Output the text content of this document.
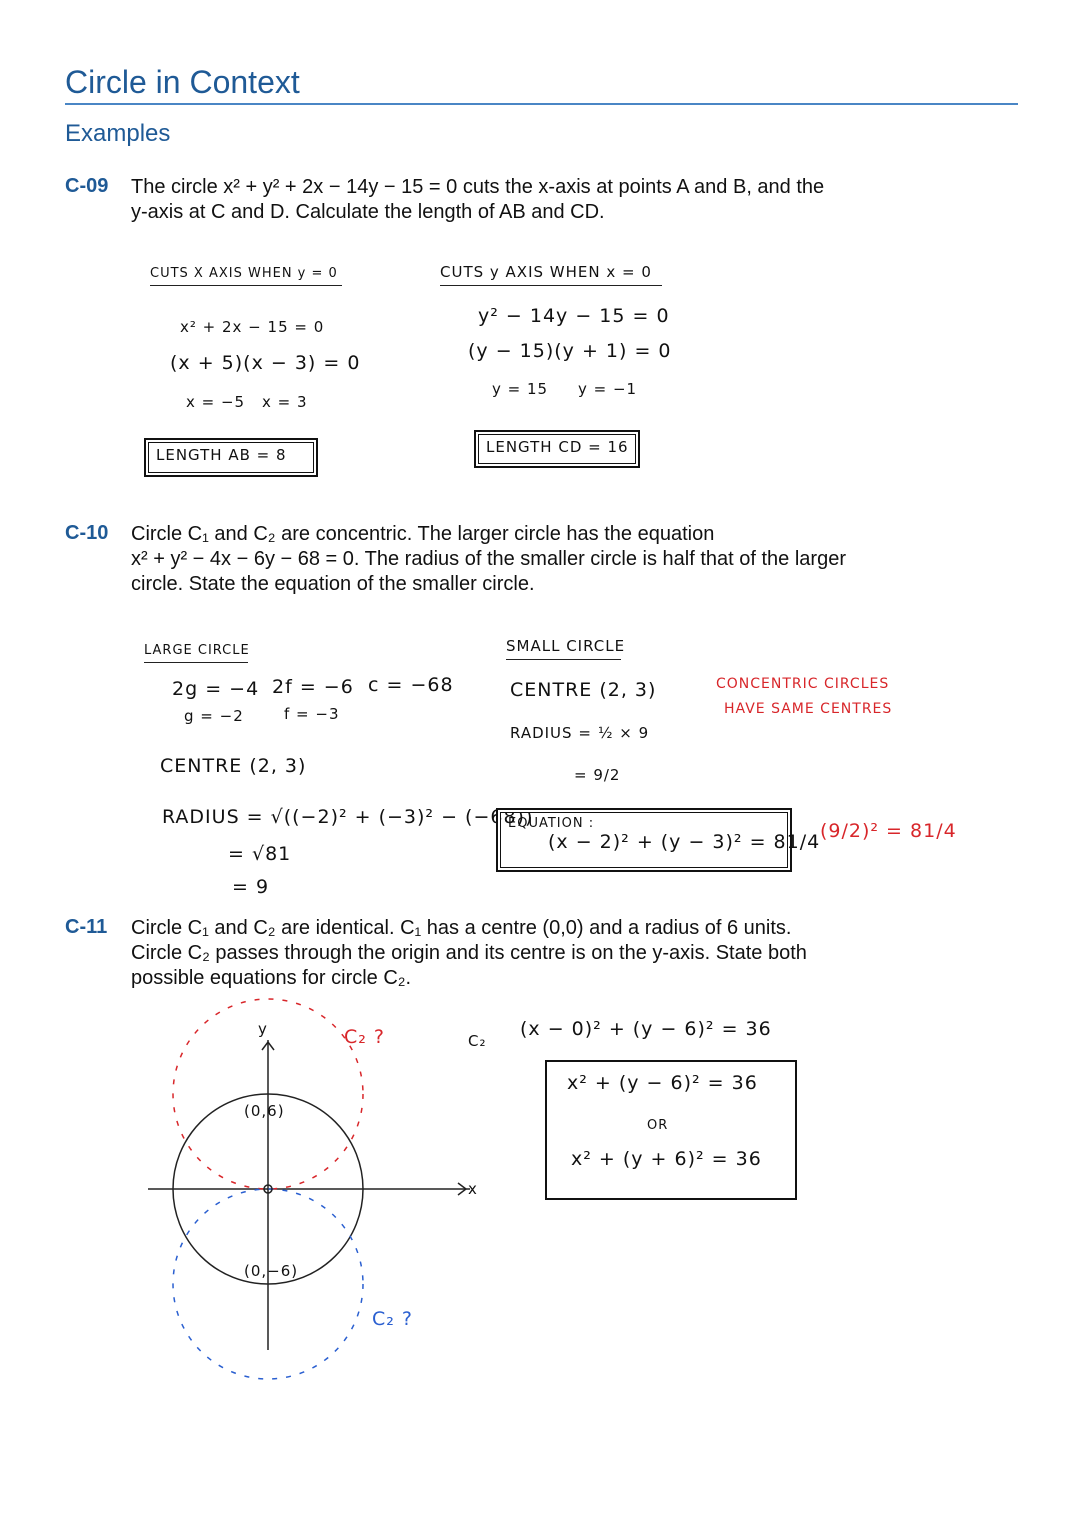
Circle in Context
Examples
C-09 The circle x² + y² + 2x − 14y − 15 = 0 cuts the x-axis at points A and B, and the
y-axis at C and D. Calculate the length of AB and CD.
CUTS X AXIS WHEN y = 0
x² + 2x − 15 = 0
(x + 5)(x − 3) = 0
x = −5 x = 3
LENGTH AB = 8
CUTS y AXIS WHEN x = 0
y² − 14y − 15 = 0
(y − 15)(y + 1) = 0
y = 15 y = −1
LENGTH CD = 16
C-10 Circle C₁ and C₂ are concentric. The larger circle has the equation
x² + y² − 4x − 6y − 68 = 0. The radius of the smaller circle is half that of the larger
circle. State the equation of the smaller circle.
LARGE CIRCLE
2g = −4
g = −2
2f = −6
f = −3
c = −68
CENTRE (2, 3)
RADIUS = √((−2)² + (−3)² − (−68))
= √81
= 9
SMALL CIRCLE
CENTRE (2, 3)
RADIUS = ½ × 9
= 9/2
EQUATION :
(x − 2)² + (y − 3)² = 81/4
CONCENTRIC CIRCLES
HAVE SAME CENTRES
(9/2)² = 81/4
C-11 Circle C₁ and C₂ are identical. C₁ has a centre (0,0) and a radius of 6 units.
Circle C₂ passes through the origin and its centre is on the y-axis. State both
possible equations for circle C₂.
y
x
(0,6)
(0,−6)
C₂ ?
C₂ ?
C₂
(x − 0)² + (y − 6)² = 36
x² + (y − 6)² = 36
OR
x² + (y + 6)² = 36
